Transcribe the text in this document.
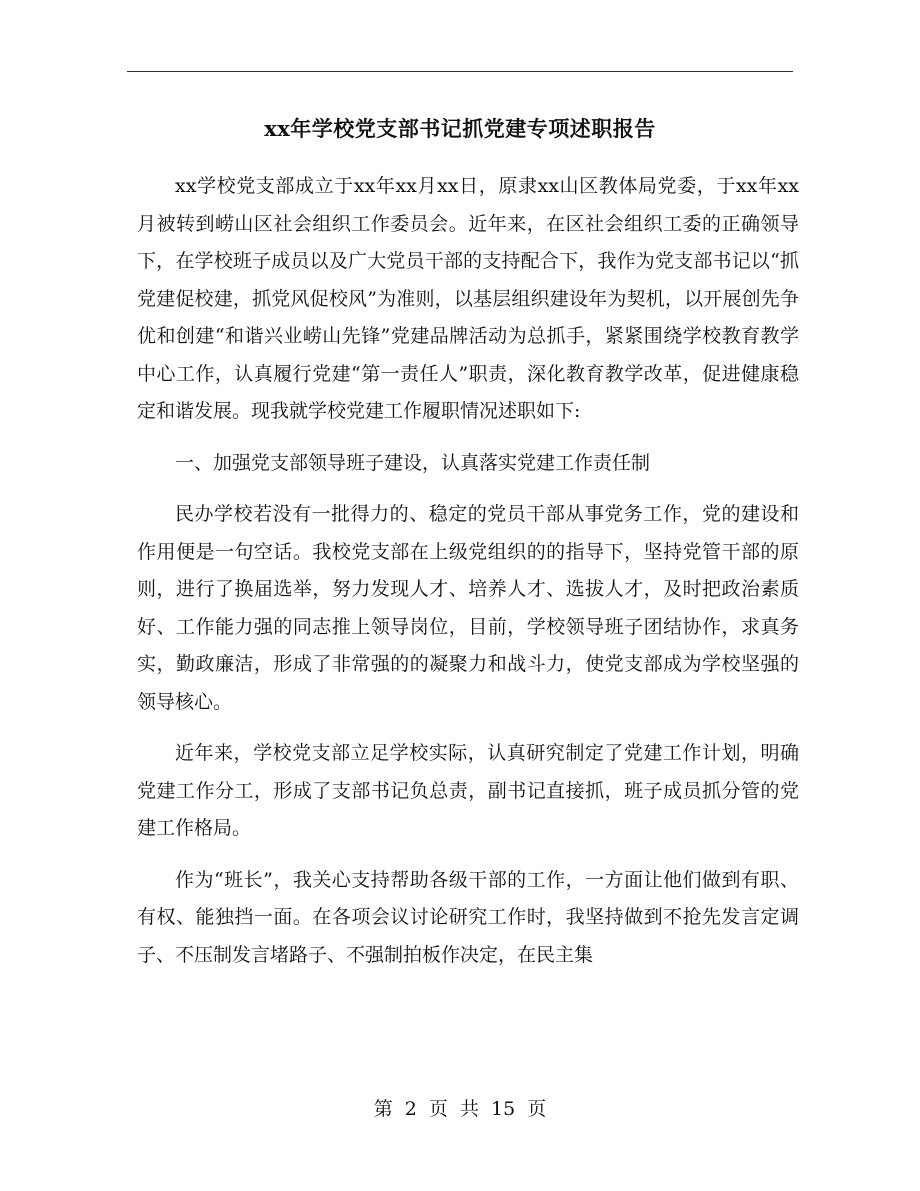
xx年学校党支部书记抓党建专项述职报告

xx学校党支部成立于xx年xx月xx日，原隶xx山区教体局党委，于xx年xx月被转到崂山区社会组织工作委员会。近年来，在区社会组织工委的正确领导下，在学校班子成员以及广大党员干部的支持配合下，我作为党支部书记以“抓党建促校建，抓党风促校风”为准则，以基层组织建设年为契机，以开展创先争优和创建“和谐兴业崂山先锋”党建品牌活动为总抓手，紧紧围绕学校教育教学中心工作，认真履行党建“第一责任人”职责，深化教育教学改革，促进健康稳定和谐发展。现我就学校党建工作履职情况述职如下:

一、加强党支部领导班子建设，认真落实党建工作责任制

民办学校若没有一批得力的、稳定的党员干部从事党务工作，党的建设和作用便是一句空话。我校党支部在上级党组织的的指导下，坚持党管干部的原则，进行了换届选举，努力发现人才、培养人才、选拔人才，及时把政治素质好、工作能力强的同志推上领导岗位，目前，学校领导班子团结协作，求真务实，勤政廉洁，形成了非常强的的凝聚力和战斗力，使党支部成为学校坚强的领导核心。

近年来，学校党支部立足学校实际，认真研究制定了党建工作计划，明确党建工作分工，形成了支部书记负总责，副书记直接抓，班子成员抓分管的党建工作格局。

作为“班长”，我关心支持帮助各级干部的工作，一方面让他们做到有职、有权、能独挡一面。在各项会议讨论研究工作时，我坚持做到不抢先发言定调子、不压制发言堵路子、不强制拍板作决定，在民主集

第 2 页 共 15 页
